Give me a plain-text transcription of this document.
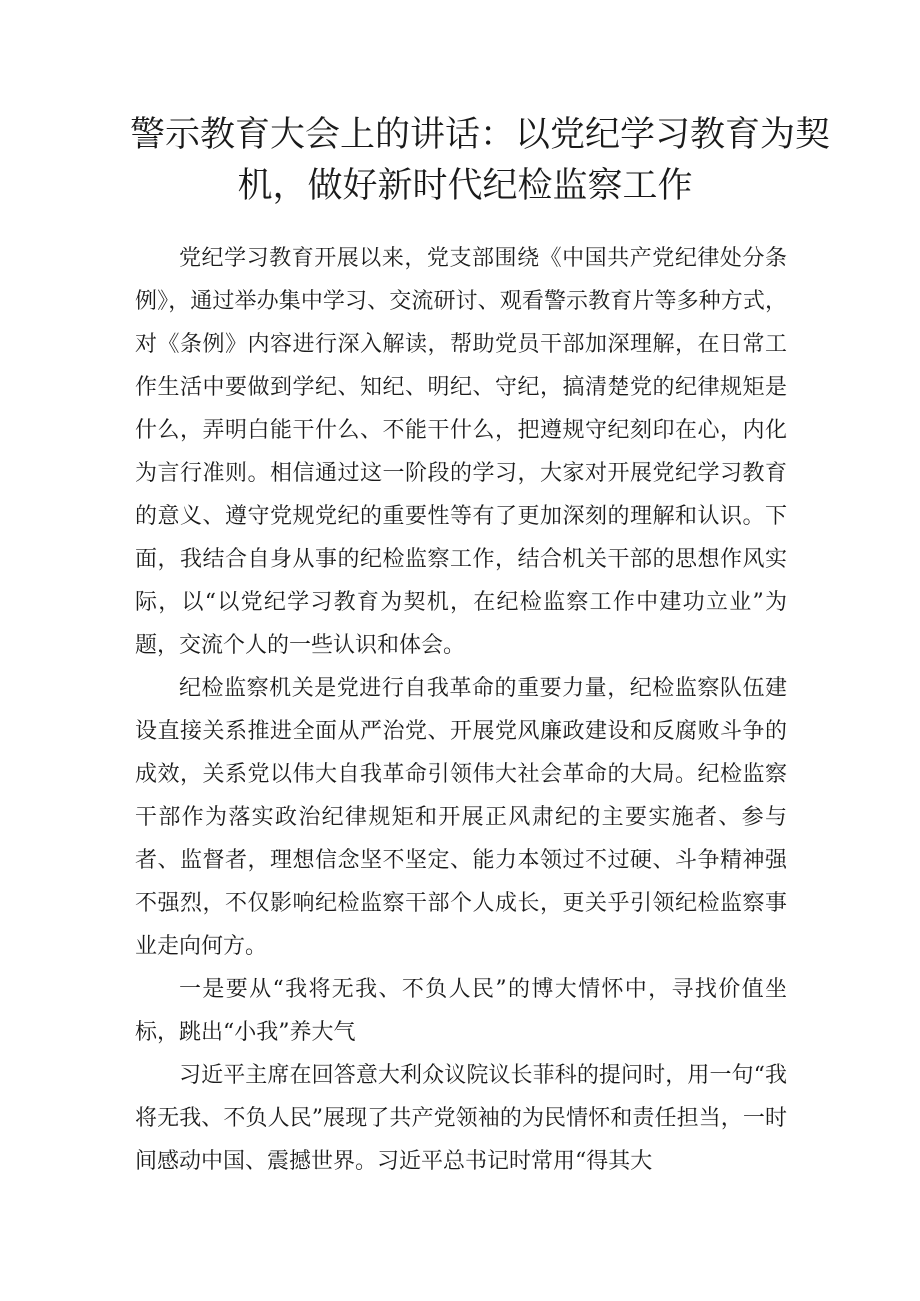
警示教育大会上的讲话：以党纪学习教育为契
机，做好新时代纪检监察工作

党纪学习教育开展以来，党支部围绕《中国共产党纪律处分条例》，通过举办集中学习、交流研讨、观看警示教育片等多种方式，对《条例》内容进行深入解读，帮助党员干部加深理解，在日常工作生活中要做到学纪、知纪、明纪、守纪，搞清楚党的纪律规矩是什么，弄明白能干什么、不能干什么，把遵规守纪刻印在心，内化为言行准则。相信通过这一阶段的学习，大家对开展党纪学习教育的意义、遵守党规党纪的重要性等有了更加深刻的理解和认识。下面，我结合自身从事的纪检监察工作，结合机关干部的思想作风实际，以“以党纪学习教育为契机，在纪检监察工作中建功立业”为题，交流个人的一些认识和体会。

纪检监察机关是党进行自我革命的重要力量，纪检监察队伍建设直接关系推进全面从严治党、开展党风廉政建设和反腐败斗争的成效，关系党以伟大自我革命引领伟大社会革命的大局。纪检监察干部作为落实政治纪律规矩和开展正风肃纪的主要实施者、参与者、监督者，理想信念坚不坚定、能力本领过不过硬、斗争精神强不强烈，不仅影响纪检监察干部个人成长，更关乎引领纪检监察事业走向何方。

一是要从“我将无我、不负人民”的博大情怀中，寻找价值坐标，跳出“小我”养大气

习近平主席在回答意大利众议院议长菲科的提问时，用一句“我将无我、不负人民”展现了共产党领袖的为民情怀和责任担当，一时间感动中国、震撼世界。习近平总书记时常用“得其大
